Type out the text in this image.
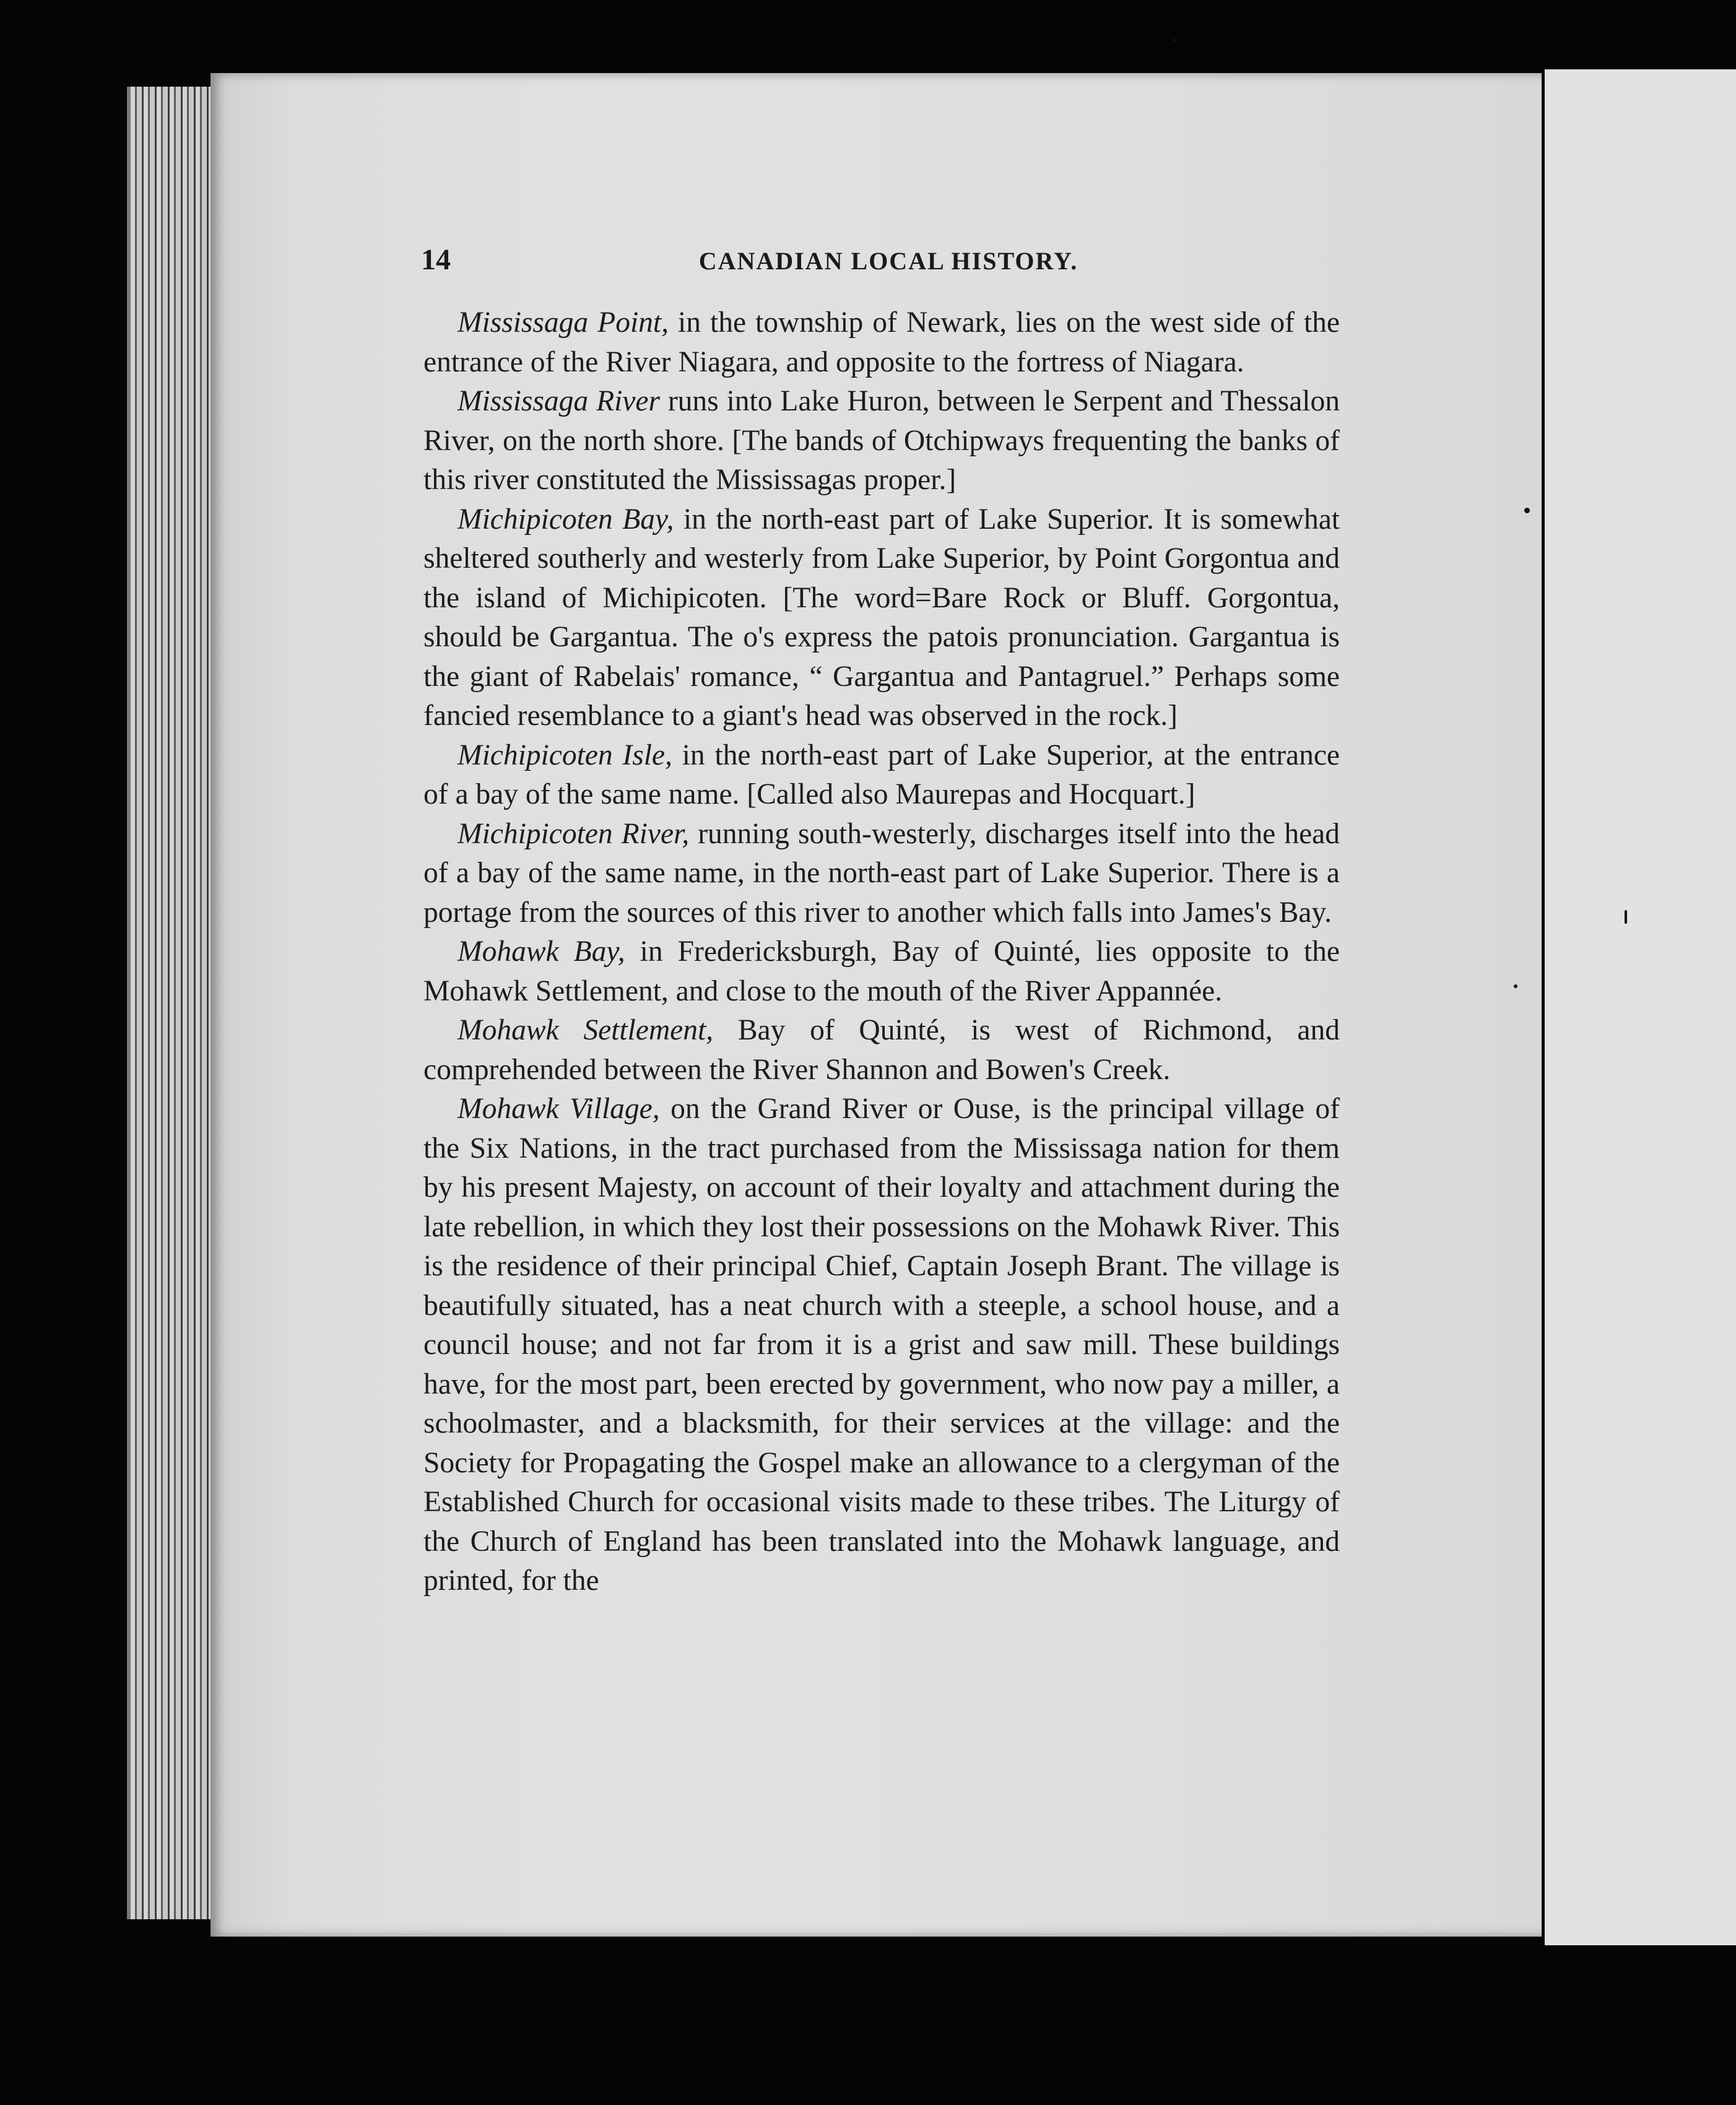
14	CANADIAN LOCAL HISTORY.

Mississaga Point, in the township of Newark, lies on the west side of the entrance of the River Niagara, and opposite to the fortress of Niagara.

Mississaga River runs into Lake Huron, between le Serpent and Thessalon River, on the north shore. [The bands of Otchipways frequenting the banks of this river constituted the Mississagas proper.]

Michipicoten Bay, in the north-east part of Lake Superior. It is somewhat sheltered southerly and westerly from Lake Superior, by Point Gorgontua and the island of Michipicoten. [The word=Bare Rock or Bluff. Gorgontua, should be Gargantua. The o's express the patois pronunciation. Gargantua is the giant of Rabelais' romance, “ Gargantua and Pantagruel.” Perhaps some fancied resemblance to a giant's head was observed in the rock.]

Michipicoten Isle, in the north-east part of Lake Superior, at the entrance of a bay of the same name. [Called also Maurepas and Hocquart.]

Michipicoten River, running south-westerly, discharges itself into the head of a bay of the same name, in the north-east part of Lake Superior. There is a portage from the sources of this river to another which falls into James's Bay.

Mohawk Bay, in Fredericksburgh, Bay of Quinté, lies opposite to the Mohawk Settlement, and close to the mouth of the River Appannée.

Mohawk Settlement, Bay of Quinté, is west of Richmond, and comprehended between the River Shannon and Bowen's Creek.

Mohawk Village, on the Grand River or Ouse, is the principal village of the Six Nations, in the tract purchased from the Mississaga nation for them by his present Majesty, on account of their loyalty and attachment during the late rebellion, in which they lost their possessions on the Mohawk River. This is the residence of their principal Chief, Captain Joseph Brant. The village is beautifully situated, has a neat church with a steeple, a school house, and a council house; and not far from it is a grist and saw mill. These buildings have, for the most part, been erected by government, who now pay a miller, a schoolmaster, and a blacksmith, for their services at the village: and the Society for Propagating the Gospel make an allowance to a clergyman of the Established Church for occasional visits made to these tribes. The Liturgy of the Church of England has been translated into the Mohawk language, and printed, for the
